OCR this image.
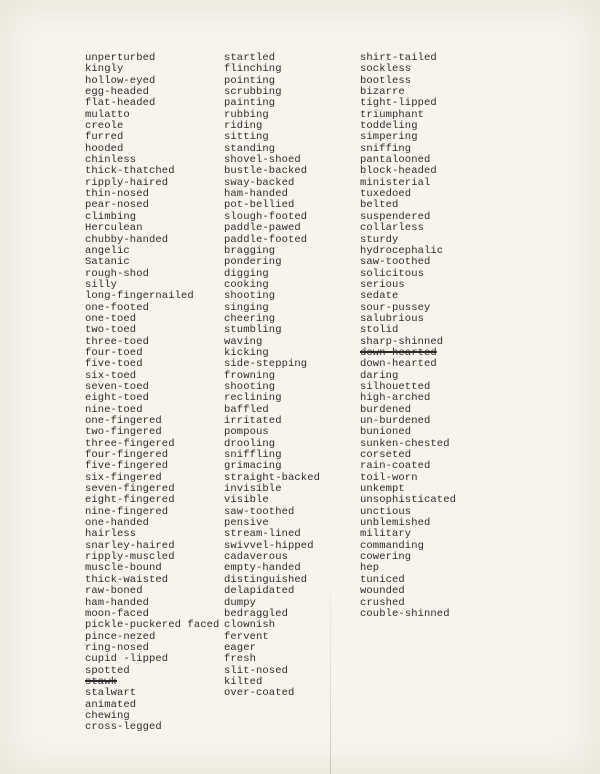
unperturbed
kingly
hollow-eyed
egg-headed
flat-headed
mulatto
creole
furred
hooded
chinless
thick-thatched
ripply-haired
thin-nosed
pear-nosed
climbing
Herculean
chubby-handed
angelic
Satanic
rough-shod
silly
long-fingernailed
one-footed
one-toed
two-toed
three-toed
four-toed
five-toed
six-toed
seven-toed
eight-toed
nine-toed
one-fingered
two-fingered
three-fingered
four-fingered
five-fingered
six-fingered
seven-fingered
eight-fingered
nine-fingered
one-handed
hairless
snarley-haired
ripply-muscled
muscle-bound
thick-waisted
raw-boned
ham-handed
moon-faced
pickle-puckered faced
pince-nezed
ring-nosed
cupid -lipped
spotted
stawk
stalwart
animated
chewing
cross-legged
startled
flinching
pointing
scrubbing
painting
rubbing
riding
sitting
standing
shovel-shoed
bustle-backed
sway-backed
ham-handed
pot-bellied
slough-footed
paddle-pawed
paddle-footed
bragging
pondering
digging
cooking
shooting
singing
cheering
stumbling
waving
kicking
side-stepping
frowning
shooting
reclining
baffled
irritated
pompous
drooling
sniffling
grimacing
straight-backed
invisible
visible
saw-toothed
pensive
stream-lined
swivvel-hipped
cadaverous
empty-handed
distinguished
delapidated
dumpy
bedraggled
clownish
fervent
eager
fresh
slit-nosed
kilted
over-coated
shirt-tailed
sockless
bootless
bizarre
tight-lipped
triumphant
toddeling
simpering
sniffing
pantalooned
block-headed
ministerial
tuxedoed
belted
suspendered
collarless
sturdy
hydrocephalic
saw-toothed
solicitous
serious
sedate
sour-pussey
salubrious
stolid
sharp-shinned
down-hearted
down-hearted
daring
silhouetted
high-arched
burdened
un-burdened
bunioned
sunken-chested
corseted
rain-coated
toil-worn
unkempt
unsophisticated
unctious
unblemished
military
commanding
cowering
hep
tuniced
wounded
crushed
couble-shinned
